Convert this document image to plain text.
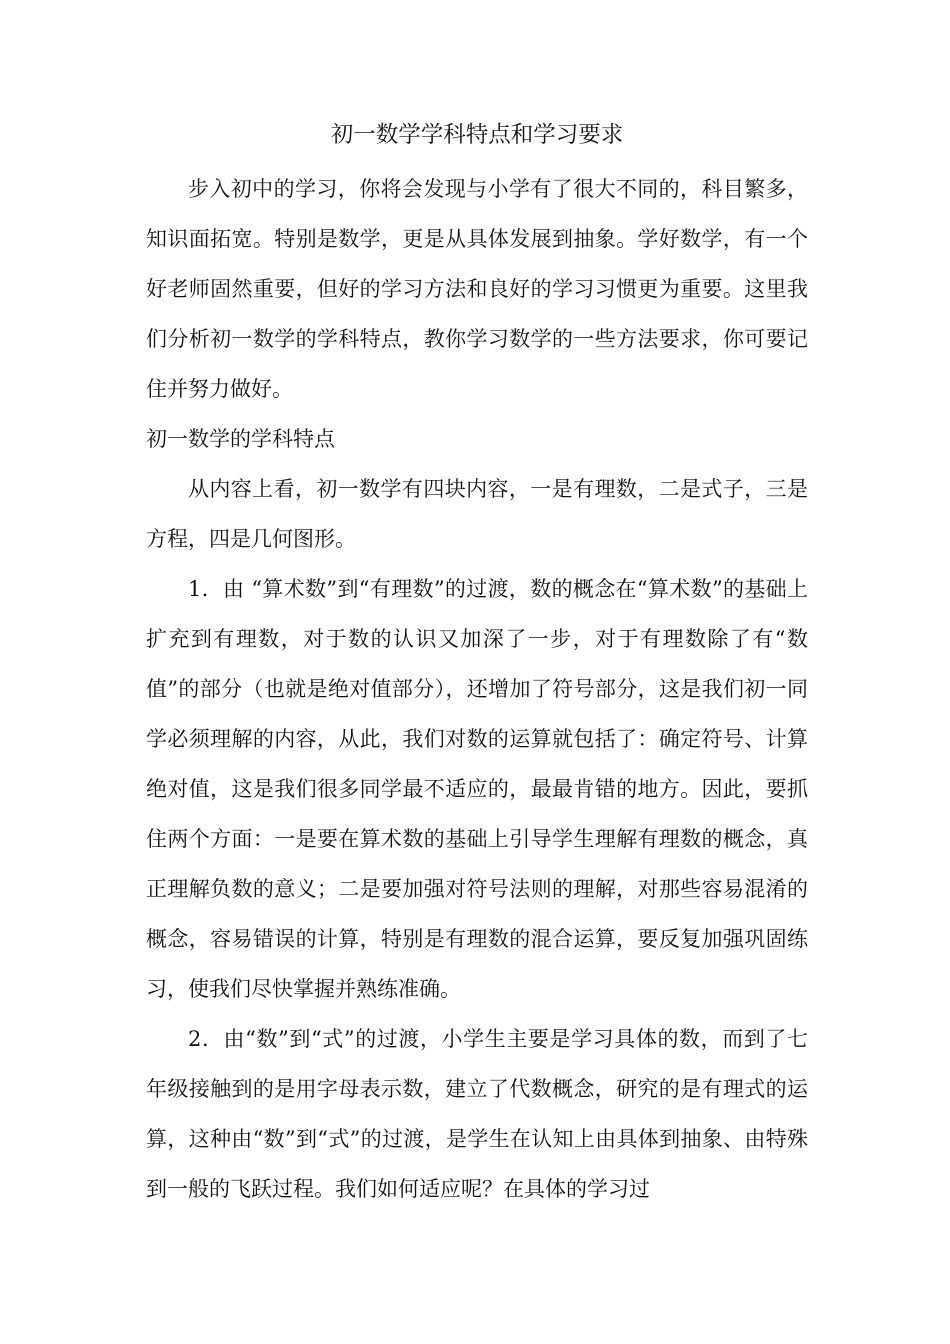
初一数学学科特点和学习要求

步入初中的学习，你将会发现与小学有了很大不同的，科目繁多，知识面拓宽。特别是数学，更是从具体发展到抽象。学好数学，有一个好老师固然重要，但好的学习方法和良好的学习习惯更为重要。这里我们分析初一数学的学科特点，教你学习数学的一些方法要求，你可要记住并努力做好。

初一数学的学科特点

从内容上看，初一数学有四块内容，一是有理数，二是式子，三是方程，四是几何图形。

1．由 “算术数”到“有理数”的过渡，数的概念在“算术数”的基础上扩充到有理数，对于数的认识又加深了一步，对于有理数除了有“数值”的部分（也就是绝对值部分），还增加了符号部分，这是我们初一同学必须理解的内容，从此，我们对数的运算就包括了：确定符号、计算绝对值，这是我们很多同学最不适应的，最最肯错的地方。因此，要抓住两个方面：一是要在算术数的基础上引导学生理解有理数的概念，真正理解负数的意义；二是要加强对符号法则的理解，对那些容易混淆的概念，容易错误的计算，特别是有理数的混合运算，要反复加强巩固练习，使我们尽快掌握并熟练准确。

2．由“数”到“式”的过渡，小学生主要是学习具体的数，而到了七年级接触到的是用字母表示数，建立了代数概念，研究的是有理式的运算，这种由“数”到“式”的过渡，是学生在认知上由具体到抽象、由特殊到一般的飞跃过程。我们如何适应呢？在具体的学习过
